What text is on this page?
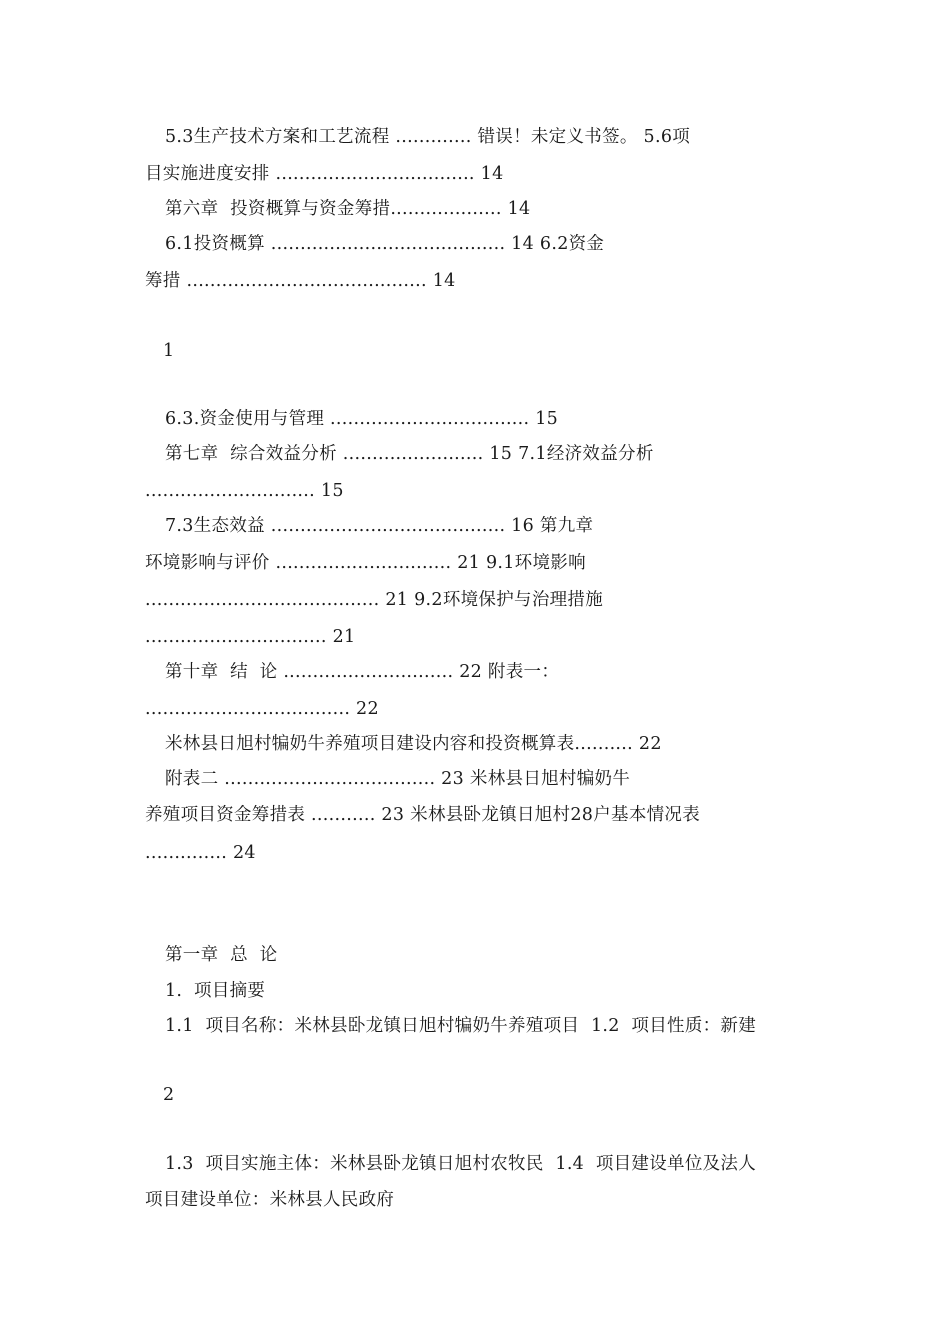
5.3生产技术方案和工艺流程 ............. 错误！未定义书签。 5.6项
目实施进度安排 .................................. 14
第六章  投资概算与资金筹措................... 14
6.1投资概算 ........................................ 14 6.2资金
筹措 ......................................... 14
1
6.3.资金使用与管理 .................................. 15
第七章  综合效益分析 ........................ 15 7.1经济效益分析
............................. 15
7.3生态效益 ........................................ 16 第九章
环境影响与评价 .............................. 21 9.1环境影响
........................................ 21 9.2环境保护与治理措施
............................... 21
第十章  结  论 ............................. 22 附表一：
................................... 22
米林县日旭村犏奶牛养殖项目建设内容和投资概算表.......... 22
附表二 .................................... 23 米林县日旭村犏奶牛
养殖项目资金筹措表 ........... 23 米林县卧龙镇日旭村28户基本情况表
.............. 24
第一章  总  论
1.  项目摘要
1.1  项目名称：米林县卧龙镇日旭村犏奶牛养殖项目  1.2  项目性质：新建
2
1.3  项目实施主体：米林县卧龙镇日旭村农牧民  1.4  项目建设单位及法人
项目建设单位：米林县人民政府
